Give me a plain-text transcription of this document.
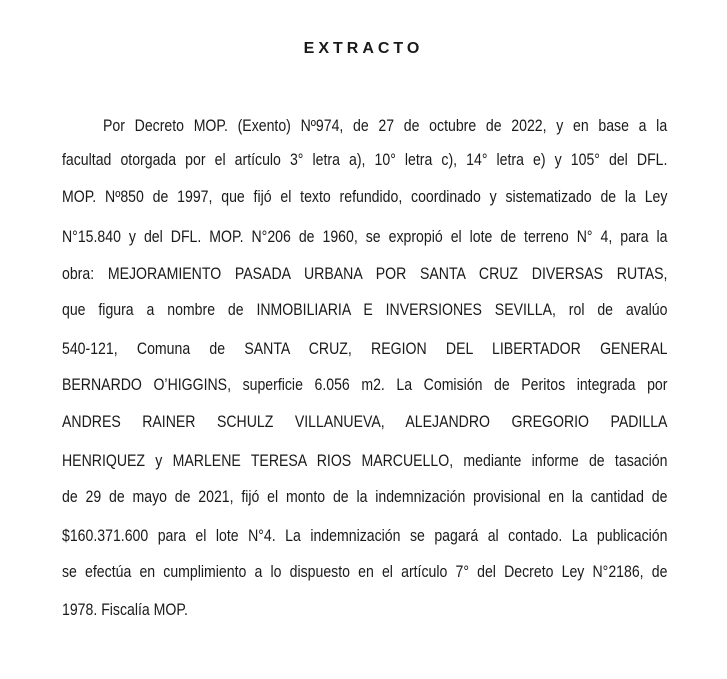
EXTRACTO
Por Decreto MOP. (Exento) Nº974, de 27 de octubre de 2022, y en base a la
facultad otorgada por el artículo 3° letra a), 10° letra c), 14° letra e) y 105° del DFL.
MOP. Nº850 de 1997, que fijó el texto refundido, coordinado y sistematizado de la Ley
N°15.840 y del DFL. MOP. N°206 de 1960, se expropió el lote de terreno N° 4, para la
obra: MEJORAMIENTO PASADA URBANA POR SANTA CRUZ DIVERSAS RUTAS,
que figura a nombre de INMOBILIARIA E INVERSIONES SEVILLA, rol de avalúo
540-121, Comuna de SANTA CRUZ, REGION DEL LIBERTADOR GENERAL
BERNARDO O’HIGGINS, superficie 6.056 m2. La Comisión de Peritos integrada por
ANDRES RAINER SCHULZ VILLANUEVA, ALEJANDRO GREGORIO PADILLA
HENRIQUEZ y MARLENE TERESA RIOS MARCUELLO, mediante informe de tasación
de 29 de mayo de 2021, fijó el monto de la indemnización provisional en la cantidad de
$160.371.600 para el lote N°4. La indemnización se pagará al contado. La publicación
se efectúa en cumplimiento a lo dispuesto en el artículo 7° del Decreto Ley N°2186, de
1978. Fiscalía MOP.
